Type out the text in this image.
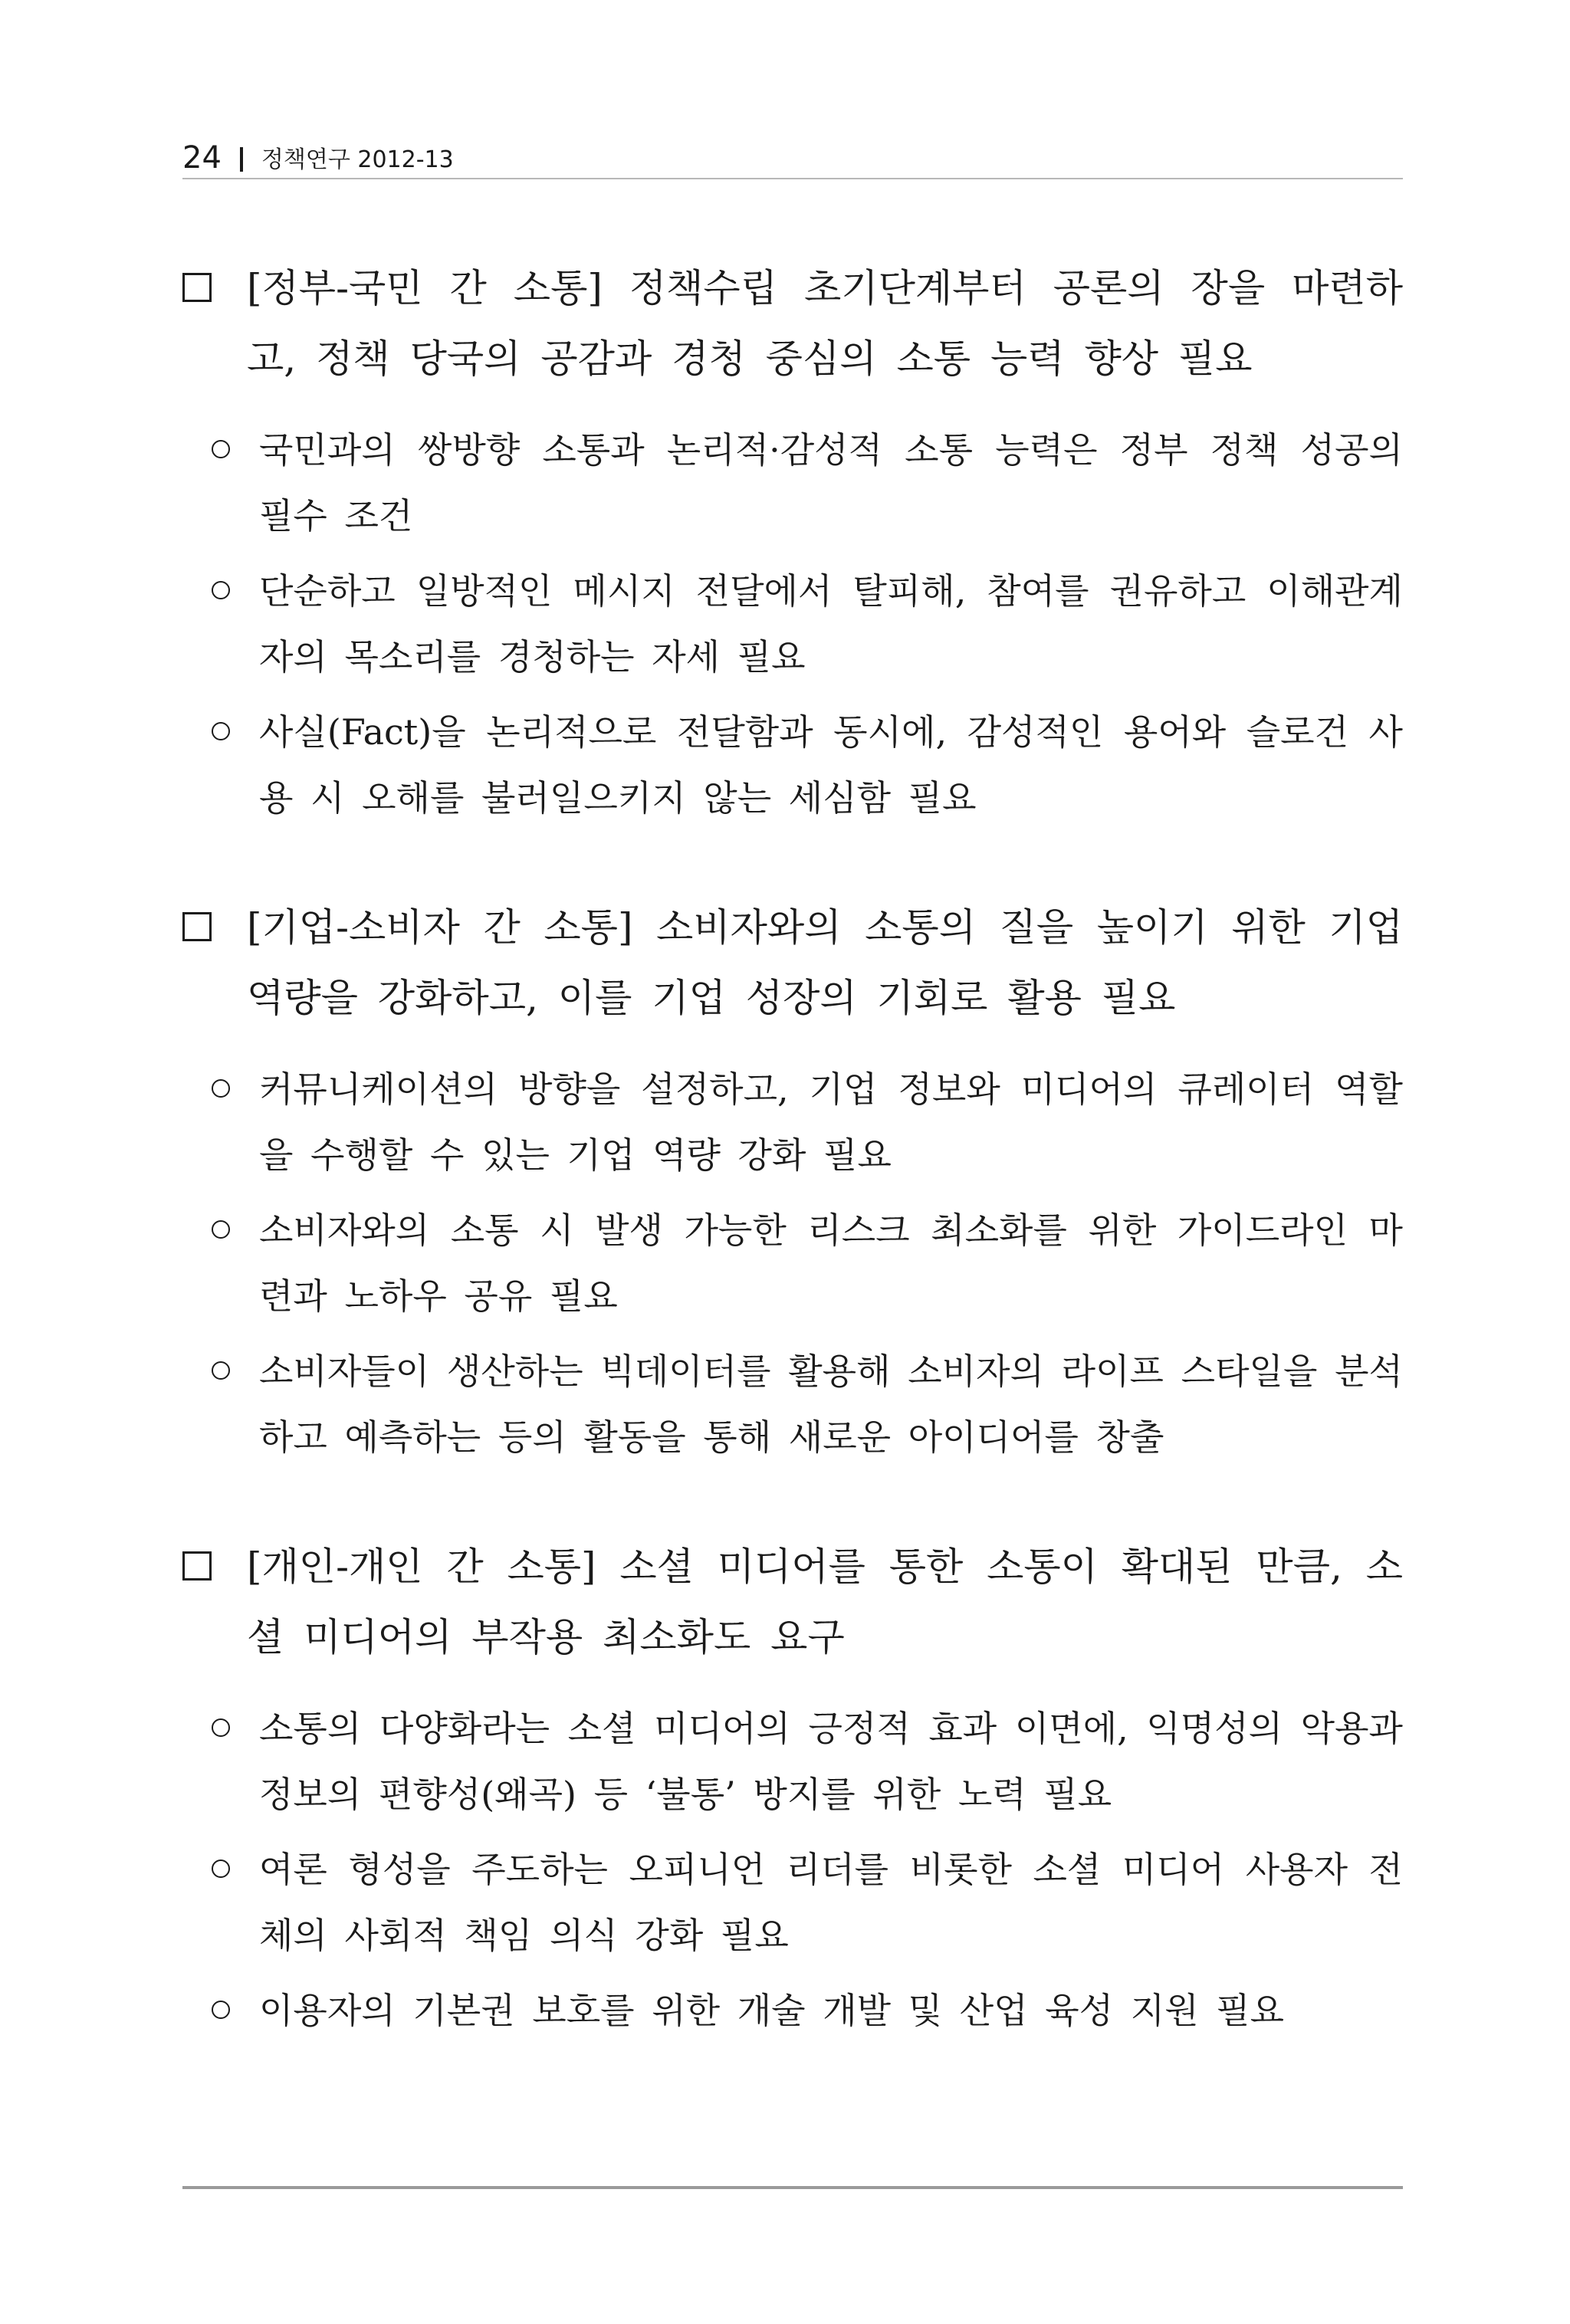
24 정책연구 2012-13
[정부-국민 간 소통] 정책수립 초기단계부터 공론의 장을 마련하고, 정책 당국의 공감과 경청 중심의 소통 능력 향상 필요
국민과의 쌍방향 소통과 논리적·감성적 소통 능력은 정부 정책 성공의 필수 조건
단순하고 일방적인 메시지 전달에서 탈피해, 참여를 권유하고 이해관계자의 목소리를 경청하는 자세 필요
사실(Fact)을 논리적으로 전달함과 동시에, 감성적인 용어와 슬로건 사용 시 오해를 불러일으키지 않는 세심함 필요
[기업-소비자 간 소통] 소비자와의 소통의 질을 높이기 위한 기업 역량을 강화하고, 이를 기업 성장의 기회로 활용 필요
커뮤니케이션의 방향을 설정하고, 기업 정보와 미디어의 큐레이터 역할을 수행할 수 있는 기업 역량 강화 필요
소비자와의 소통 시 발생 가능한 리스크 최소화를 위한 가이드라인 마련과 노하우 공유 필요
소비자들이 생산하는 빅데이터를 활용해 소비자의 라이프 스타일을 분석하고 예측하는 등의 활동을 통해 새로운 아이디어를 창출
[개인-개인 간 소통] 소셜 미디어를 통한 소통이 확대된 만큼, 소셜 미디어의 부작용 최소화도 요구
소통의 다양화라는 소셜 미디어의 긍정적 효과 이면에, 익명성의 악용과 정보의 편향성(왜곡) 등 ‘불통’ 방지를 위한 노력 필요
여론 형성을 주도하는 오피니언 리더를 비롯한 소셜 미디어 사용자 전체의 사회적 책임 의식 강화 필요
이용자의 기본권 보호를 위한 개술 개발 및 산업 육성 지원 필요
